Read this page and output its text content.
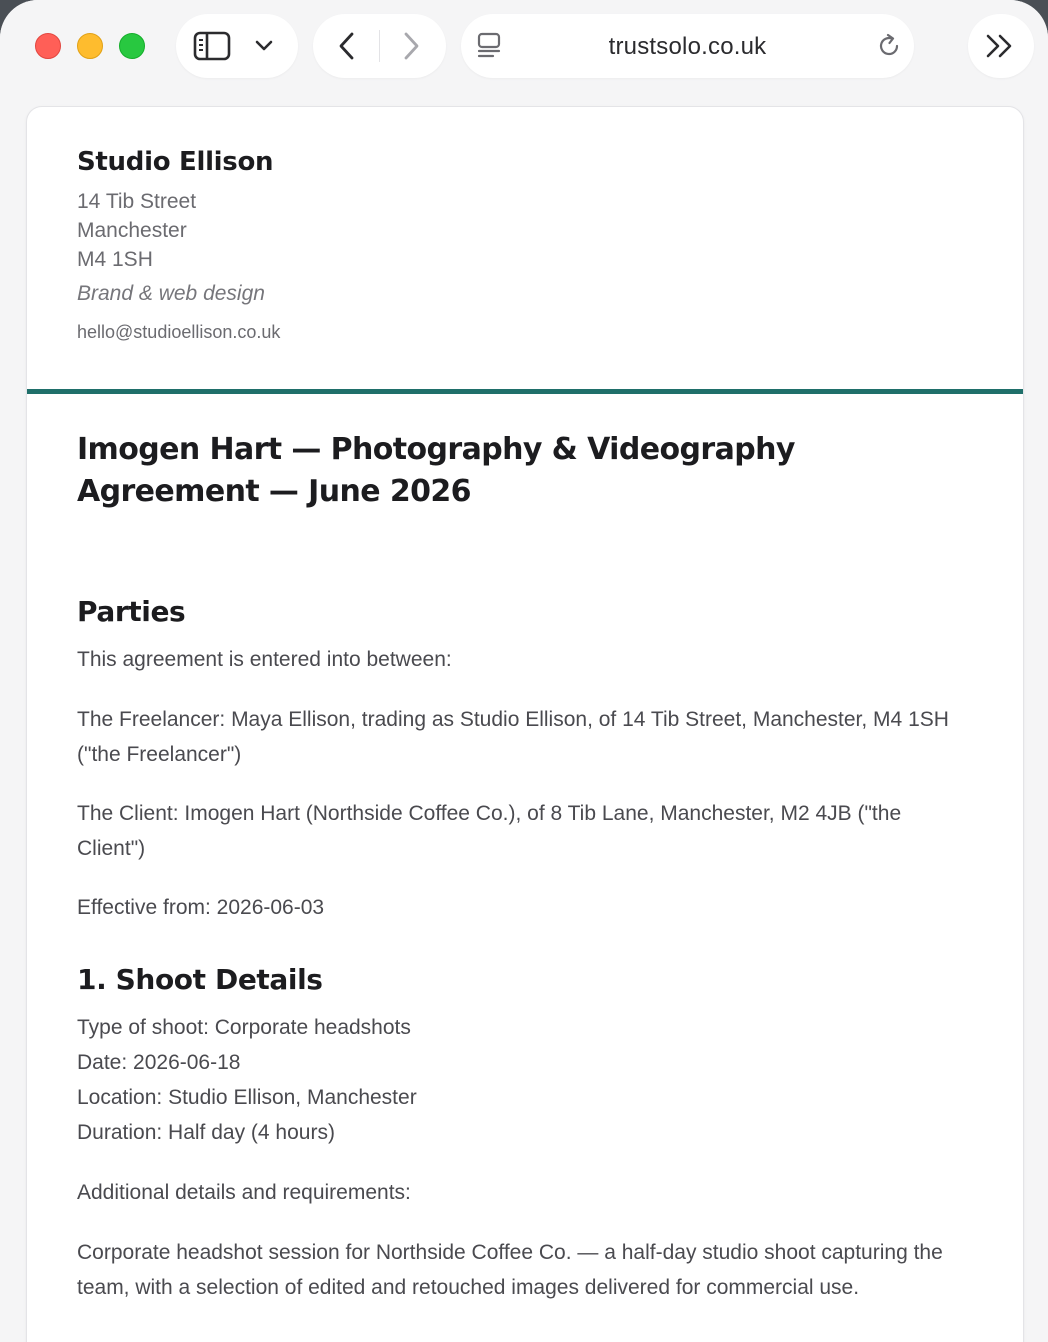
trustsolo.co.uk
Studio Ellison
14 Tib Street
Manchester
M4 1SH
Brand & web design
hello@studioellison.co.uk
Imogen Hart — Photography & Videography Agreement — June 2026
Parties

This agreement is entered into between:

The Freelancer: Maya Ellison, trading as Studio Ellison, of 14 Tib Street, Manchester, M4 1SH ("the Freelancer")

The Client: Imogen Hart (Northside Coffee Co.), of 8 Tib Lane, Manchester, M2 4JB ("the Client")

Effective from: 2026-06-03

1. Shoot Details

Type of shoot: Corporate headshots

Date: 2026-06-18

Location: Studio Ellison, Manchester

Duration: Half day (4 hours)

Additional details and requirements:

Corporate headshot session for Northside Coffee Co. — a half-day studio shoot capturing the team, with a selection of edited and retouched images delivered for commercial use.
